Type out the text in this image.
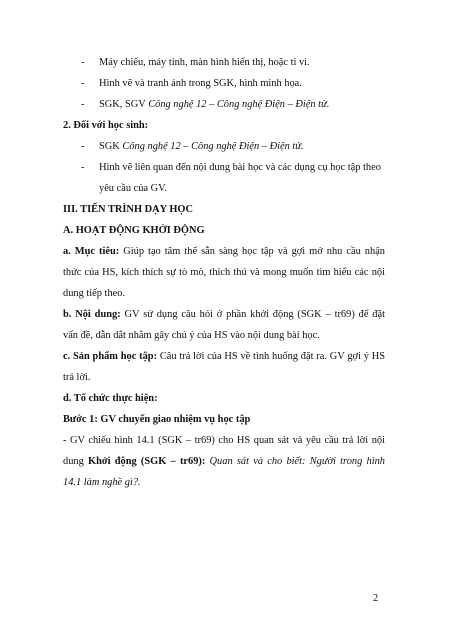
- Máy chiếu, máy tính, màn hình hiển thị, hoặc ti vi.
- Hình vẽ và tranh ảnh trong SGK, hình minh họa.
- SGK, SGV Công nghệ 12 – Công nghệ Điện – Điện tử.
2. Đối với học sinh:
- SGK Công nghệ 12 – Công nghệ Điện – Điện tử.
- Hình vẽ liên quan đến nội dung bài học và các dụng cụ học tập theo
yêu cầu của GV.
III. TIẾN TRÌNH DẠY HỌC
A. HOẠT ĐỘNG KHỞI ĐỘNG
a. Mục tiêu: Giúp tạo tâm thế sẵn sàng học tập và gợi mở nhu cầu nhận
thức của HS, kích thích sự tò mò, thích thú và mong muốn tìm hiểu các nội
dung tiếp theo.
b. Nội dung: GV sử dụng câu hỏi ở phần khởi động (SGK – tr69) để đặt
vấn đề, dẫn dắt nhằm gây chú ý của HS vào nội dung bài học.
c. Sản phẩm học tập: Câu trả lời của HS về tình huống đặt ra. GV gợi ý HS
trả lời.
d. Tổ chức thực hiện:
Bước 1: GV chuyển giao nhiệm vụ học tập
- GV chiếu hình 14.1 (SGK – tr69) cho HS quan sát và yêu cầu trả lời nội
dung Khởi động (SGK – tr69): Quan sát và cho biết: Người trong hình
14.1 làm nghề gì?.
2
